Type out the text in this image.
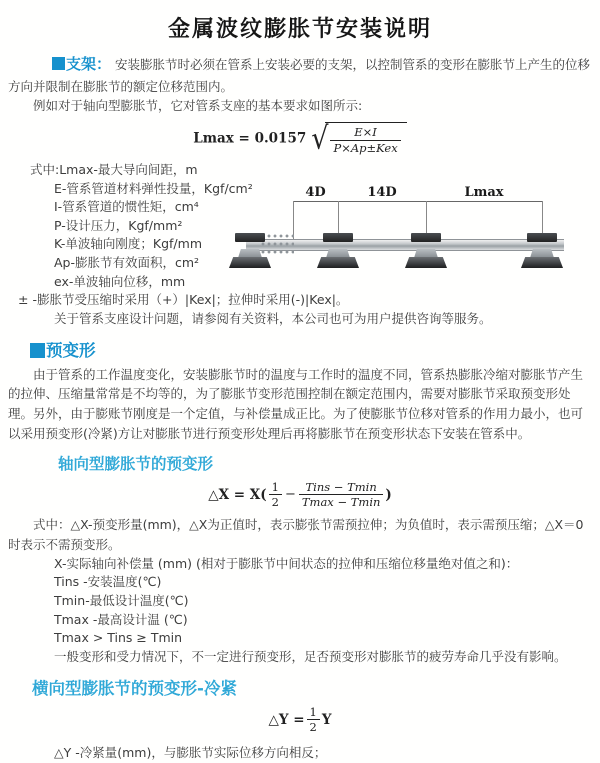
金属波纹膨胀节安装说明

支架： 安装膨胀节时必须在管系上安装必要的支架，以控制管系的变形在膨胀节上产生的位移方向并限制在膨胀节的额定位移范围内。

例如对于轴向型膨胀节，它对管系支座的基本要求如图所示:

Lmax = 0.0157 √ $\frac{E\times I}{\text{P×Ap±Kex}}$

式中:Lmax-最大导向间距，m

E-管系管道材料弹性投量，Kgf/cm²

I-管系管道的惯性矩，cm⁴

P-设计压力，Kgf/mm²

K-单波轴向刚度；Kgf/mm

Ap-膨胀节有效面积，cm²

ex-单波轴向位移，mm

± -膨胀节受压缩时采用（+）|Kex|；拉伸时采用(-)|Kex|。

关于管系支座设计问题，请参阅有关资料，本公司也可为用户提供咨询等服务。

4D	14D	Lmax
预变形

由于管系的工作温度变化，安装膨胀节时的温度与工作时的温度不同，管系热膨胀冷缩对膨胀节产生的拉伸、压缩量常常是不均等的，为了膨胀节变形范围控制在额定范围内，需要对膨胀节采取预变形处理。另外，由于膨账节刚度是一个定值，与补偿量成正比。为了使膨胀节位移对管系的作用力最小，也可以采用预变形(冷紧)方让对膨胀节进行预变形处理后再将膨胀节在预变形状态下安装在管系中。

轴向型膨胀节的预变形
△X = $X( \frac{1}{2} - \frac{\text{Tins − Tmin}}{Tmax - Tmin}$ )

式中：△X-预变形量(mm)，△X为正值时，表示膨张节需预拉伸；为负值时，表示需预压缩；△X＝0时表示不需预变形。

X-实际轴向补偿量 (mm) (相对于膨胀节中间状态的拉伸和压缩位移量绝对值之和)：

Tins -安装温度(℃)

Tmin-最低设计温度(℃)

Tmax -最高设计温 (℃)

Tmax > Tins ≥ Tmin

一般变形和受力情况下，不一定进行预变形，足否预变形对膨胀节的疲劳寿命几乎没有影响。

横向型膨胀节的预变形-冷紧
△Y = $\frac{1}{2}$ Y

△Y -冷紧量(mm)，与膨胀节实际位移方向相反；
